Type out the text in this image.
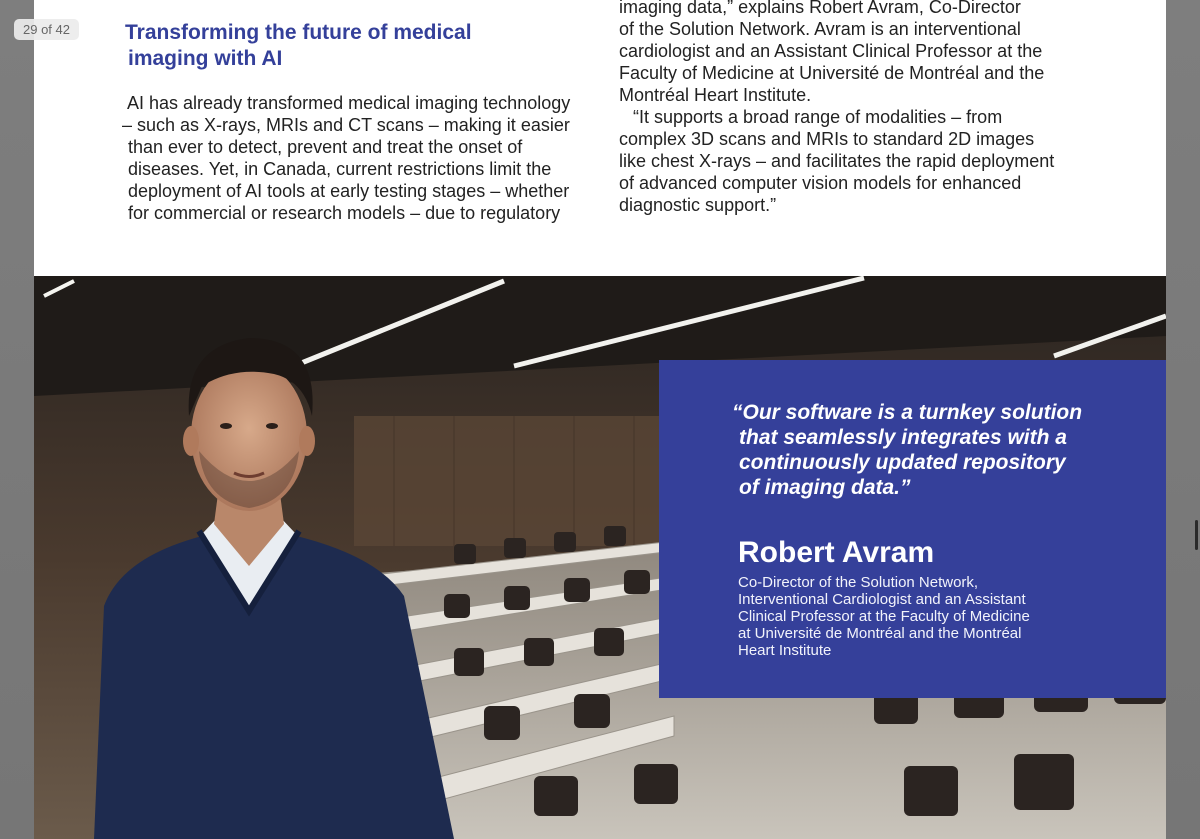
29 of 42	Transforming the future of medical
imaging with AI
AI has already transformed medical imaging technology
– such as X-rays, MRIs and CT scans – making it easier
than ever to detect, prevent and treat the onset of
diseases. Yet, in Canada, current restrictions limit the
deployment of AI tools at early testing stages – whether
for commercial or research models – due to regulatory
imaging data,” explains Robert Avram, Co-Director
of the Solution Network. Avram is an interventional
cardiologist and an Assistant Clinical Professor at the
Faculty of Medicine at Université de Montréal and the
Montréal Heart Institute.
“It supports a broad range of modalities – from
complex 3D scans and MRIs to standard 2D images
like chest X-rays – and facilitates the rapid deployment
of advanced computer vision models for enhanced
diagnostic support.”
“Our software is a turnkey solution
that seamlessly integrates with a
continuously updated repository
of imaging data.”
Robert Avram
Co-Director of the Solution Network,
Interventional Cardiologist and an Assistant
Clinical Professor at the Faculty of Medicine
at Université de Montréal and the Montréal
Heart Institute
